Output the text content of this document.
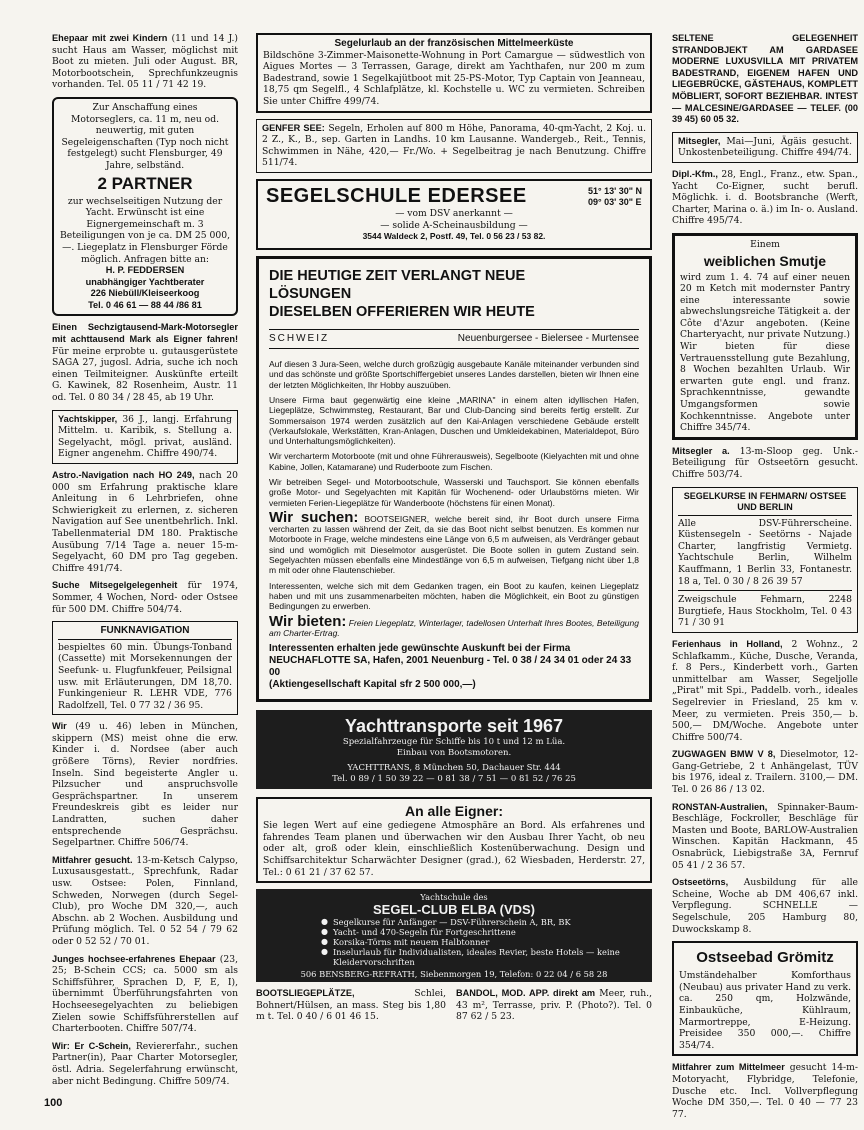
Ehepaar mit zwei Kindern (11 und 14 J.) sucht Haus am Wasser, möglichst mit Boot zu mieten. Juli oder August. BR, Motorbootschein, Sprechfunkzeugnis vorhanden. Tel. 05 11 / 71 42 19.

Zur Anschaffung eines Motorseglers, ca. 11 m, neu od. neuwertig, mit guten Segeleigenschaften (Typ noch nicht festgelegt) sucht Flensburger, 49 Jahre, selbständ.

2 PARTNER

zur wechselseitigen Nutzung der Yacht. Erwünscht ist eine Eignergemeinschaft m. 3 Beteiligungen von je ca. DM 25 000,—. Liegeplatz in Flensburger Förde möglich. Anfragen bitte an:

H. P. FEDDERSEN

unabhängiger Yachtberater

226 Niebüll/Kleiseerkoog

Tel. 0 46 61 — 88 44 /86 81

Einen Sechzigtausend-Mark-Motorsegler mit achttausend Mark als Eigner fahren! Für meine erprobte u. gutausgerüstete SAGA 27, jugosl. Adria, suche ich noch einen Teilmiteigner. Auskünfte erteilt G. Kawinek, 82 Rosenheim, Austr. 11 od. Tel. 0 80 34 / 28 45, ab 19 Uhr.
Yachtskipper, 36 J., langj. Erfahrung Mittelm. u. Karibik, s. Stellung a. Segelyacht, mögl. privat, ausländ. Eigner angenehm. Chiffre 490/74.
Astro.-Navigation nach HO 249, nach 20 000 sm Erfahrung praktische klare Anleitung in 6 Lehrbriefen, ohne Schwierigkeit zu erlernen, z. sicheren Navigation auf See unentbehrlich. Inkl. Tabellenmaterial DM 180. Praktische Ausübung 7/14 Tage a. neuer 15-m-Segelyacht, 60 DM pro Tag gegeben. Chiffre 491/74.
Suche Mitsegelgelegenheit für 1974, Sommer, 4 Wochen, Nord- oder Ostsee für 500 DM. Chiffre 504/74.
FUNKNAVIGATION
bespieltes 60 min. Übungs-Tonband (Cassette) mit Morsekennungen der Seefunk- u. Flugfunkfeuer, Peilsignal usw. mit Erläuterungen, DM 18,70. Funkingenieur R. LEHR VDE, 776 Radolfzell, Tel. 0 77 32 / 36 95.
Wir (49 u. 46) leben in München, skippern (MS) meist ohne die erw. Kinder i. d. Nordsee (aber auch größere Törns), Revier nordfries. Inseln. Sind begeisterte Angler u. Pilzsucher und anspruchsvolle Gesprächspartner. In unserem Freundeskreis gibt es leider nur Landratten, suchen daher entsprechende Gesprächsu. Segelpartner. Chiffre 506/74.
Mitfahrer gesucht. 13-m-Ketsch Calypso, Luxusausgestatt., Sprechfunk, Radar usw. Ostsee: Polen, Finnland, Schweden, Norwegen (durch Segel-Club), pro Woche DM 320,—, auch Abschn. ab 2 Wochen. Ausbildung und Prüfung möglich. Tel. 0 52 54 / 79 62 oder 0 52 52 / 70 01.
Junges hochsee-erfahrenes Ehepaar (23, 25; B-Schein CCS; ca. 5000 sm als Schiffsführer, Sprachen D, F, E, I), übernimmt Überführungsfahrten von Hochseesegelyachten zu beliebigen Zielen sowie Schiffsführerstellen auf Charterbooten. Chiffre 507/74.
Wir: Er C-Schein, Reviererfahr., suchen Partner(in), Paar Charter Motorsegler, östl. Adria. Segelerfahrung erwünscht, aber nicht Bedingung. Chiffre 509/74.
Segelurlaub an der französischen Mittelmeerküste
Bildschöne 3-Zimmer-Maisonette-Wohnung in Port Camargue — südwestlich von Aigues Mortes — 3 Terrassen, Garage, direkt am Yachthafen, nur 200 m zum Badestrand, sowie 1 Segelkajütboot mit 25-PS-Motor, Typ Captain von Jeanneau, 18,75 qm Segelfl., 4 Schlafplätze, kl. Kochstelle u. WC zu vermieten. Schreiben Sie unter Chiffre 499/74.
GENFER SEE: Segeln, Erholen auf 800 m Höhe, Panorama, 40-qm-Yacht, 2 Koj. u. 2 Z., K., B., sep. Garten in Landhs. 10 km Lausanne. Wandergeb., Reit., Tennis, Schwimmen in Nähe, 420,— Fr./Wo. + Segelbeitrag je nach Benutzung. Chiffre 511/74.
SEGELSCHULE EDERSEE	51° 13' 30" N
09° 03' 30" E

— vom DSV anerkannt —

— solide A-Scheinausbildung —

3544 Waldeck 2, Postf. 49, Tel. 0 56 23 / 53 82.

DIE HEUTIGE ZEIT VERLANGT NEUE
LÖSUNGEN
DIESELBEN OFFERIEREN WIR HEUTE
SCHWEIZ	Neuenburgersee - Bielersee - Murtensee

Auf diesen 3 Jura-Seen, welche durch großzügig ausgebaute Kanäle miteinander verbunden sind und das schönste und größte Sportschiffergebiet unseres Landes darstellen, bieten wir Ihnen eine der letzten Möglichkeiten, Ihr Hobby auszuüben.

Unsere Firma baut gegenwärtig eine kleine „MARINA" in einem alten idyllischen Hafen, Liegeplätze, Schwimmsteg, Restaurant, Bar und Club-Dancing sind bereits fertig erstellt. Zur Sommersaison 1974 werden zusätzlich auf den Kai-Anlagen verschiedene Gebäude erstellt (Verkaufslokale, Werkstätten, Kran-Anlagen, Duschen und Umkleidekabinen, Materialdepot, Büro und Unterhaltungsmöglichkeiten).

Wir vercharterm Motorboote (mit und ohne Führerausweis), Segelboote (Kielyachten mit und ohne Kabine, Jollen, Katamarane) und Ruderboote zum Fischen.

Wir betreiben Segel- und Motorbootschule, Wasserski und Tauchsport. Sie können ebenfalls große Motor- und Segelyachten mit Kapitän für Wochenend- oder Urlaubstörns mieten. Wir vermieten Ferien-Liegeplätze für Wanderboote (höchstens für einen Monat).

Wir suchen: BOOTSEIGNER, welche bereit sind, ihr Boot durch unsere Firma vercharten zu lassen während der Zeit, da sie das Boot nicht selbst benutzen. Es kommen nur Motorboote in Frage, welche mindestens eine Länge von 6,5 m aufweisen, als Verdränger gebaut sind und womöglich mit Dieselmotor ausgerüstet. Die Boote sollen in gutem Zustand sein. Segelyachten müssen ebenfalls eine Mindestlänge von 6,5 m aufweisen, Tiefgang nicht über 1,8 m mit oder ohne Flautenschieber.

Interessenten, welche sich mit dem Gedanken tragen, ein Boot zu kaufen, keinen Liegeplatz haben und mit uns zusammenarbeiten möchten, haben die Möglichkeit, ein Boot zu günstigen Bedingungen zu erwerben.

Wir bieten: Freien Liegeplatz, Winterlager, tadellosen Unterhalt Ihres Bootes, Beteiligung am Charter-Ertrag.

Interessenten erhalten jede gewünschte Auskunft bei der Firma NEUCHAFLOTTE SA, Hafen, 2001 Neuenburg - Tel. 0 38 / 24 34 01 oder 24 33 00

(Aktiengesellschaft Kapital sfr 2 500 000,—)

Yachttransporte seit 1967
Spezialfahrzeuge für Schiffe bis 10 t und 12 m Lüa.
Einbau von Bootsmotoren.
YACHTTRANS, 8 München 50, Dachauer Str. 444
Tel. 0 89 / 1 50 39 22 — 0 81 38 / 7 51 — 0 81 52 / 76 25
An alle Eigner:
Sie legen Wert auf eine gediegene Atmosphäre an Bord. Als erfahrenes und fahrendes Team planen und überwachen wir den Ausbau Ihrer Yacht, ob neu oder alt, groß oder klein, einschließlich Kostenüberwachung. Design und Schiffsarchitektur Scharwächter Designer (grad.), 62 Wiesbaden, Herderstr. 27, Tel.: 0 61 21 / 37 62 57.
Yachtschule des
SEGEL-CLUB ELBA (VDS)
● Segelkurse für Anfänger — DSV-Führerschein A, BR, BK
● Yacht- und 470-Segeln für Fortgeschrittene
● Korsika-Törns mit neuem Halbtonner
● Inselurlaub für Individualisten, ideales Revier, beste Hotels — keine Kleidervorschriften
506 BENSBERG-REFRATH, Siebenmorgen 19, Telefon: 0 22 04 / 6 58 28
BOOTSLIEGEPLÄTZE, Schlei, Bohnert/Hülsen, an mass. Steg bis 1,80 m t. Tel. 0 40 / 6 01 46 15.
BANDOL, MOD. APP. direkt am Meer, ruh., 43 m², Terrasse, priv. P. (Photo?). Tel. 0 87 62 / 5 23.
SELTENE GELEGENHEIT STRANDOBJEKT AM GARDASEE MODERNE LUXUSVILLA MIT PRIVATEM BADESTRAND, EIGENEM HAFEN UND LIEGEBRÜCKE, GÄSTEHAUS, KOMPLETT MÖBLIERT, SOFORT BEZIEHBAR. INTEST — MALCESINE/GARDASEE — TELEF. (00 39 45) 60 05 32.
Mitsegler, Mai—Juni, Ägäis gesucht. Unkostenbeteiligung. Chiffre 494/74.
Dipl.-Kfm., 28, Engl., Franz., etw. Span., Yacht Co-Eigner, sucht berufl. Möglichk. i. d. Bootsbranche (Werft, Charter, Marina o. ä.) im In- o. Ausland. Chiffre 495/74.

Einem

weiblichen Smutje
wird zum 1. 4. 74 auf einer neuen 20 m Ketch mit modernster Pantry eine interessante sowie abwechslungsreiche Tätigkeit a. der Côte d'Azur angeboten. (Keine Charteryacht, nur private Nutzung.) Wir bieten für diese Vertrauensstellung gute Bezahlung, 8 Wochen bezahlten Urlaub. Wir erwarten gute engl. und franz. Sprachkenntnisse, gewandte Umgangsformen sowie Kochkenntnisse. Angebote unter Chiffre 345/74.
Mitsegler a. 13-m-Sloop geg. Unk.-Beteiligung für Ostseetörn gesucht. Chiffre 503/74.
SEGELKURSE IN FEHMARN/ OSTSEE UND BERLIN

Alle DSV-Führerscheine. Küstensegeln - Seetörns - Najade Charter, langfristig Vermietg. Yachtschule Berlin, Wilhelm Kauffmann, 1 Berlin 33, Fontanestr. 18 a, Tel. 0 30 / 8 26 39 57

Zweigschule Fehmarn, 2248 Burgtiefe, Haus Stockholm, Tel. 0 43 71 / 30 91

Ferienhaus in Holland, 2 Wohnz., 2 Schlafkamm., Küche, Dusche, Veranda, f. 8 Pers., Kinderbett vorh., Garten unmittelbar am Wasser, Segeljolle „Pirat" mit Spi., Paddelb. vorh., ideales Segelrevier in Friesland, 25 km v. Meer, zu vermieten. Preis 350,— b. 500,— DM/Woche. Angebote unter Chiffre 500/74.
ZUGWAGEN BMW V 8, Dieselmotor, 12-Gang-Getriebe, 2 t Anhängelast, TÜV bis 1976, ideal z. Trailern. 3100,— DM. Tel. 0 26 86 / 13 02.
RONSTAN-Australien, Spinnaker-Baum-Beschläge, Fockroller, Beschläge für Masten und Boote, BARLOW-Australien Winschen. Kapitän Hackmann, 45 Osnabrück, Liebigstraße 3A, Fernruf 05 41 / 2 36 57.
Ostseetörns, Ausbildung für alle Scheine, Woche ab DM 406,67 inkl. Verpflegung. SCHNELLE — Segelschule, 205 Hamburg 80, Duwockskamp 8.
Ostseebad Grömitz
Umständehalber Komforthaus (Neubau) aus privater Hand zu verk. ca. 250 qm, Holzwände, Einbauküche, Kühlraum, Marmortreppe, E-Heizung. Preisidee 350 000,—. Chiffre 354/74.
Mitfahrer zum Mittelmeer gesucht 14-m-Motoryacht, Flybridge, Telefonie, Dusche etc. Incl. Vollverpflegung Woche DM 350,—. Tel. 0 40 — 77 23 77.
100
